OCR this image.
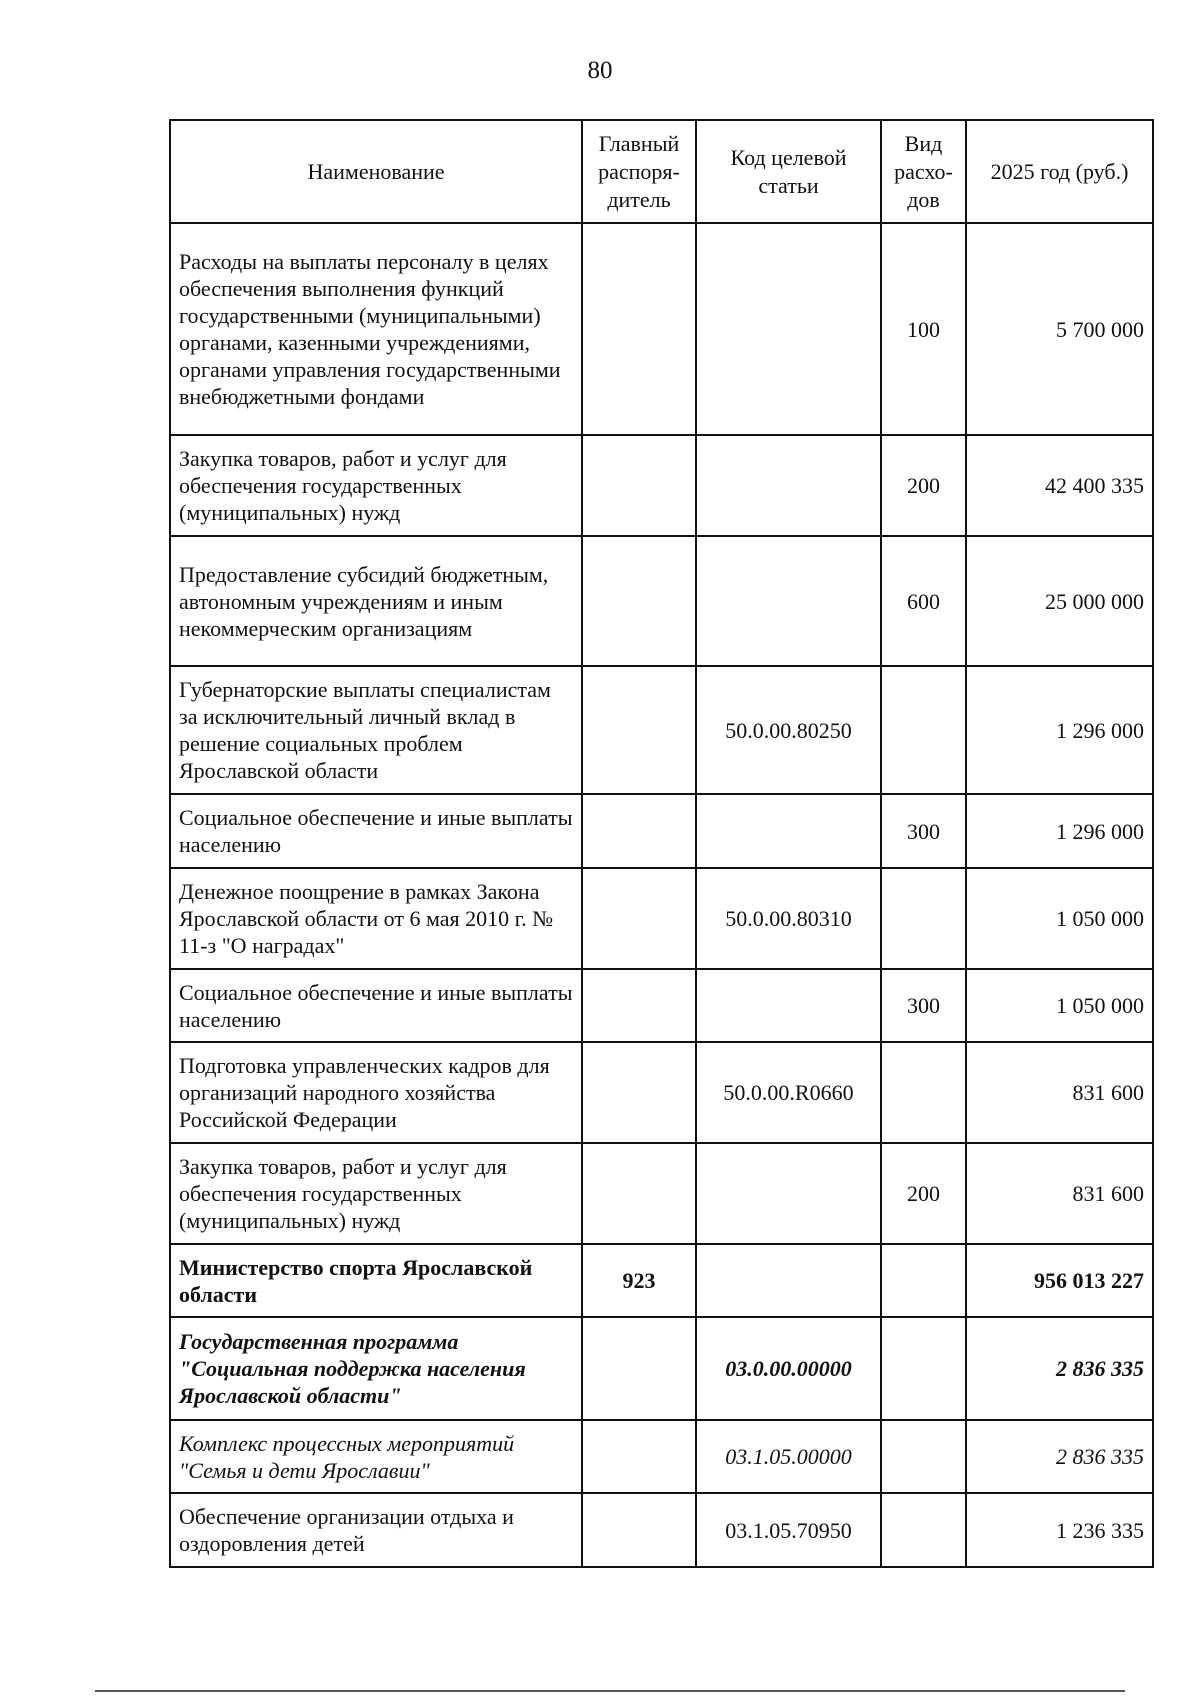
80
Наименование	Главный распоря-дитель	Код целевой статьи	Вид расхо-дов	2025 год (руб.)
Расходы на выплаты персоналу в целях обеспечения выполнения функций государственными (муниципальными) органами, казенными учреждениями, органами управления государственными внебюджетными фондами			100	5 700 000
Закупка товаров, работ и услуг для обеспечения государственных (муниципальных) нужд			200	42 400 335
Предоставление субсидий бюджетным, автономным учреждениям и иным некоммерческим организациям			600	25 000 000
Губернаторские выплаты специалистам за исключительный личный вклад в решение социальных проблем Ярославской области		50.0.00.80250		1 296 000
Социальное обеспечение и иные выплаты населению			300	1 296 000
Денежное поощрение в рамках Закона Ярославской области от 6 мая 2010 г. № 11-з "О наградах"		50.0.00.80310		1 050 000
Социальное обеспечение и иные выплаты населению			300	1 050 000
Подготовка управленческих кадров для организаций народного хозяйства Российской Федерации		50.0.00.R0660		831 600
Закупка товаров, работ и услуг для обеспечения государственных (муниципальных) нужд			200	831 600
Министерство спорта Ярославской области	923			956 013 227
Государственная программа "Социальная поддержка населения Ярославской области"		03.0.00.00000		2 836 335
Комплекс процессных мероприятий "Семья и дети Ярославии"		03.1.05.00000		2 836 335
Обеспечение организации отдыха и оздоровления детей		03.1.05.70950		1 236 335
